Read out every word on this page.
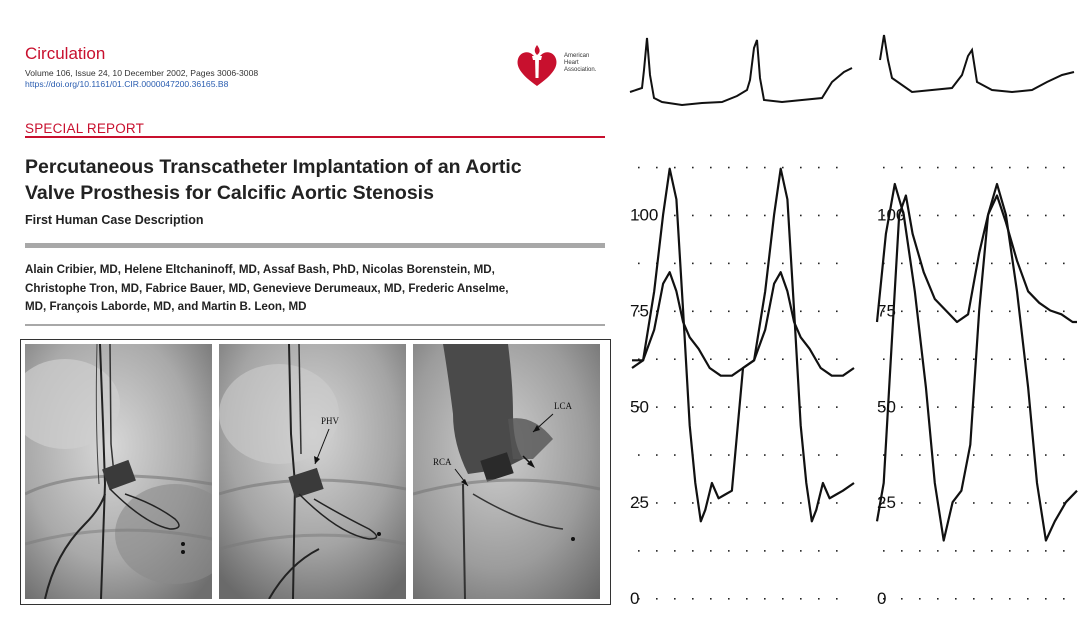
Circulation
Volume 106, Issue 24, 10 December 2002, Pages 3006-3008
https://doi.org/10.1161/01.CIR.0000047200.36165.B8
American
Heart
Association.
SPECIAL REPORT
Percutaneous Transcatheter Implantation of an Aortic
Valve Prosthesis for Calcific Aortic Stenosis
First Human Case Description
Alain Cribier, MD, Helene Eltchaninoff, MD, Assaf Bash, PhD, Nicolas Borenstein, MD,
Christophe Tron, MD, Fabrice Bauer, MD, Genevieve Derumeaux, MD, Frederic Anselme,
MD, François Laborde, MD, and Martin B. Leon, MD
PHV
RCA
LCA
0
25
50
75
100
0
25
50
75
100
